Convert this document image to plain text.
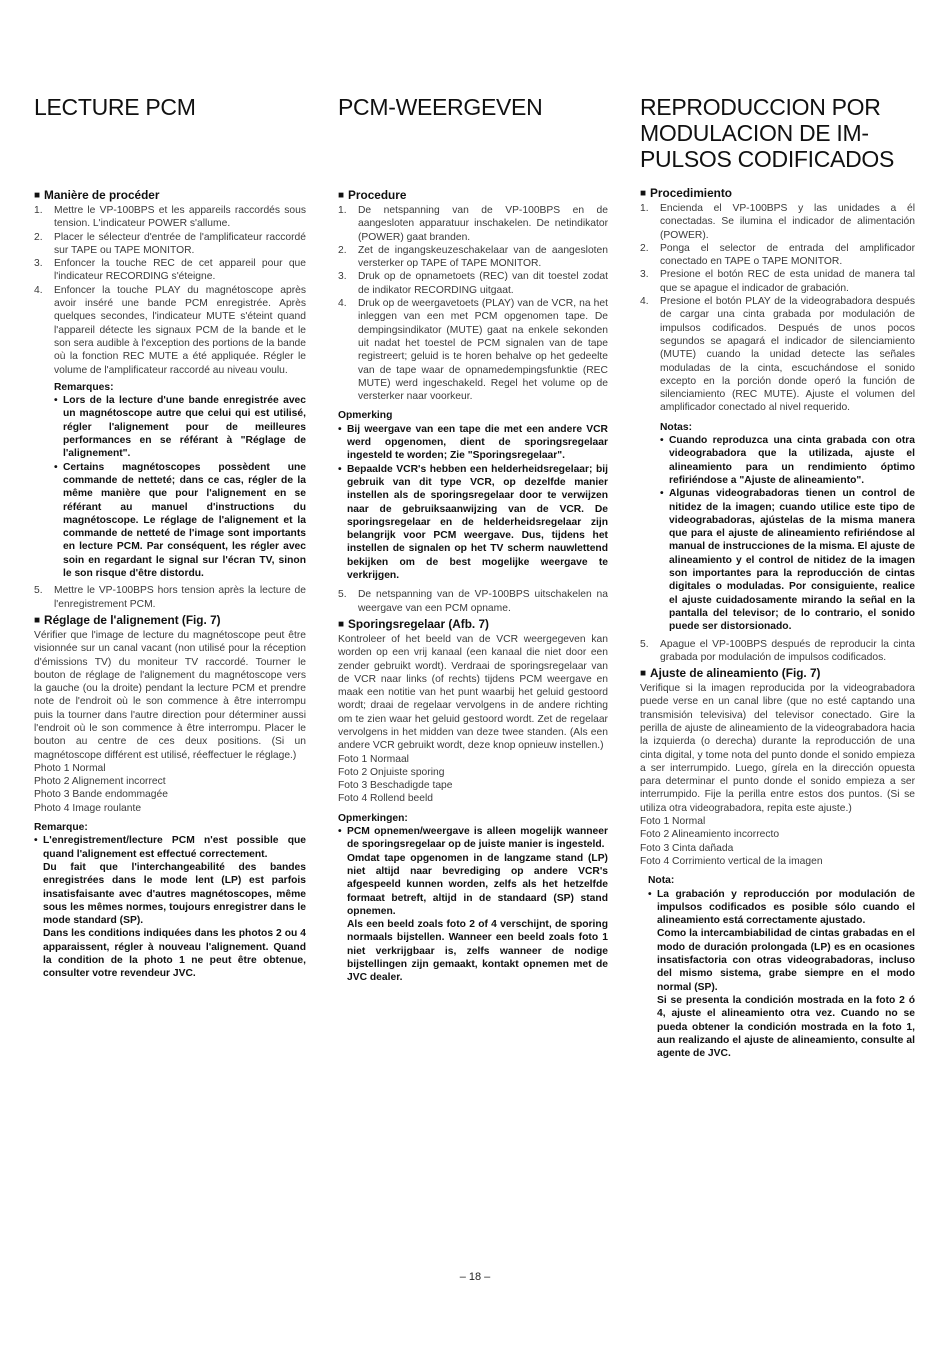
LECTURE PCM
■ Manière de procéder
1. Mettre le VP-100BPS et les appareils raccordés sous tension. L'indicateur POWER s'allume.
2. Placer le sélecteur d'entrée de l'amplificateur raccordé sur TAPE ou TAPE MONITOR.
3. Enfoncer la touche REC de cet appareil pour que l'indicateur RECORDING s'éteigne.
4. Enfoncer la touche PLAY du magnétoscope après avoir inséré une bande PCM enregistrée. Après quelques secondes, l'indicateur MUTE s'éteint quand l'appareil détecte les signaux PCM de la bande et le son sera audible à l'exception des portions de la bande où la fonction REC MUTE a été appliquée. Régler le volume de l'amplificateur raccordé au niveau voulu.
Remarques:
• Lors de la lecture d'une bande enregistrée avec un magnétoscope autre que celui qui est utilisé, régler l'alignement pour de meilleures performances en se référant à "Réglage de l'alignement".
• Certains magnétoscopes possèdent une commande de netteté; dans ce cas, régler de la même manière que pour l'alignement en se référant au manuel d'instructions du magnétoscope. Le réglage de l'alignement et la commande de netteté de l'image sont importants en lecture PCM. Par conséquent, les régler avec soin en regardant le signal sur l'écran TV, sinon le son risque d'être distordu.
5. Mettre le VP-100BPS hors tension après la lecture de l'enregistrement PCM.
■ Réglage de l'alignement (Fig. 7)
Vérifier que l'image de lecture du magnétoscope peut être visionnée sur un canal vacant (non utilisé pour la réception d'émissions TV) du moniteur TV raccordé. Tourner le bouton de réglage de l'alignement du magnétoscope vers la gauche (ou la droite) pendant la lecture PCM et prendre note de l'endroit où le son commence à être interrompu puis la tourner dans l'autre direction pour déterminer aussi l'endroit où le son commence à être interrompu. Placer le bouton au centre de ces deux positions. (Si un magnétoscope différent est utilisé, réeffectuer le réglage.)
Photo 1 Normal
Photo 2 Alignement incorrect
Photo 3 Bande endommagée
Photo 4 Image roulante
Remarque:
• L'enregistrement/lecture PCM n'est possible que quand l'alignement est effectué correctement.
Du fait que l'interchangeabilité des bandes enregistrées dans le mode lent (LP) est parfois insatisfaisante avec d'autres magnétoscopes, même sous les mêmes normes, toujours enregistrer dans le mode standard (SP).
Dans les conditions indiquées dans les photos 2 ou 4 apparaissent, régler à nouveau l'alignement. Quand la condition de la photo 1 ne peut être obtenue, consulter votre revendeur JVC.
PCM-WEERGEVEN
■ Procedure
1. De netspanning van de VP-100BPS en de aangesloten apparatuur inschakelen. De netindikator (POWER) gaat branden.
2. Zet de ingangskeuzeschakelaar van de aangesloten versterker op TAPE of TAPE MONITOR.
3. Druk op de opnametoets (REC) van dit toestel zodat de indikator RECORDING uitgaat.
4. Druk op de weergavetoets (PLAY) van de VCR, na het inleggen van een met PCM opgenomen tape. De dempingsindikator (MUTE) gaat na enkele sekonden uit nadat het toestel de PCM signalen van de tape registreert; geluid is te horen behalve op het gedeelte van de tape waar de opnamedempingsfunktie (REC MUTE) werd ingeschakeld. Regel het volume op de versterker naar voorkeur.
Opmerking
• Bij weergave van een tape die met een andere VCR werd opgenomen, dient de sporingsregelaar ingesteld te worden; Zie "Sporingsregelaar".
• Bepaalde VCR's hebben een helderheidsregelaar; bij gebruik van dit type VCR, op dezelfde manier instellen als de sporingsregelaar door te verwijzen naar de gebruiksaanwijzing van de VCR. De sporingsregelaar en de helderheidsregelaar zijn belangrijk voor PCM weergave. Dus, tijdens het instellen de signalen op het TV scherm nauwlettend bekijken om de best mogelijke weergave te verkrijgen.
5. De netspanning van de VP-100BPS uitschakelen na weergave van een PCM opname.
■ Sporingsregelaar (Afb. 7)
Kontroleer of het beeld van de VCR weergegeven kan worden op een vrij kanaal (een kanaal die niet door een zender gebruikt wordt). Verdraai de sporingsregelaar van de VCR naar links (of rechts) tijdens PCM weergave en maak een notitie van het punt waarbij het geluid gestoord wordt; draai de regelaar vervolgens in de andere richting om te zien waar het geluid gestoord wordt. Zet de regelaar vervolgens in het midden van deze twee standen. (Als een andere VCR gebruikt wordt, deze knop opnieuw instellen.)
Foto 1 Normaal
Foto 2 Onjuiste sporing
Foto 3 Beschadigde tape
Foto 4 Rollend beeld
Opmerkingen:
• PCM opnemen/weergave is alleen mogelijk wanneer de sporingsregelaar op de juiste manier is ingesteld.
Omdat tape opgenomen in de langzame stand (LP) niet altijd naar bevrediging op andere VCR's afgespeeld kunnen worden, zelfs als het hetzelfde formaat betreft, altijd in de standaard (SP) stand opnemen.
Als een beeld zoals foto 2 of 4 verschijnt, de sporing normaals bijstellen. Wanneer een beeld zoals foto 1 niet verkrijgbaar is, zelfs wanneer de nodige bijstellingen zijn gemaakt, kontakt opnemen met de JVC dealer.
REPRODUCCION POR
MODULACION DE IM-
PULSOS CODIFICADOS
■ Procedimiento
1. Encienda el VP-100BPS y las unidades a él conectadas. Se ilumina el indicador de alimentación (POWER).
2. Ponga el selector de entrada del amplificador conectado en TAPE o TAPE MONITOR.
3. Presione el botón REC de esta unidad de manera tal que se apague el indicador de grabación.
4. Presione el botón PLAY de la videograbadora después de cargar una cinta grabada por modulación de impulsos codificados. Después de unos pocos segundos se apagará el indicador de silenciamiento (MUTE) cuando la unidad detecte las señales moduladas de la cinta, escuchándose el sonido excepto en la porción donde operó la función de silenciamiento (REC MUTE). Ajuste el volumen del amplificador conectado al nivel requerido.
Notas:
• Cuando reproduzca una cinta grabada con otra videograbadora que la utilizada, ajuste el alineamiento para un rendimiento óptimo refiriéndose a "Ajuste de alineamiento".
• Algunas videograbadoras tienen un control de nitidez de la imagen; cuando utilice este tipo de videograbadoras, ajústelas de la misma manera que para el ajuste de alineamiento refiriéndose al manual de instrucciones de la misma. El ajuste de alineamiento y el control de nitidez de la imagen son importantes para la reproducción de cintas digitales o moduladas. Por consiguiente, realice el ajuste cuidadosamente mirando la señal en la pantalla del televisor; de lo contrario, el sonido puede ser distorsionado.
5. Apague el VP-100BPS después de reproducir la cinta grabada por modulación de impulsos codificados.
■ Ajuste de alineamiento (Fig. 7)
Verifique si la imagen reproducida por la videograbadora puede verse en un canal libre (que no esté captando una transmisión televisiva) del televisor conectado. Gire la perilla de ajuste de alineamiento de la videograbadora hacia la izquierda (o derecha) durante la reproducción de una cinta digital, y tome nota del punto donde el sonido empieza a ser interrumpido. Luego, gírela en la dirección opuesta para determinar el punto donde el sonido empieza a ser interrumpido. Fije la perilla entre estos dos puntos. (Si se utiliza otra videograbadora, repita este ajuste.)
Foto 1 Normal
Foto 2 Alineamiento incorrecto
Foto 3 Cinta dañada
Foto 4 Corrimiento vertical de la imagen
Nota:
• La grabación y reproducción por modulación de impulsos codificados es posible sólo cuando el alineamiento está correctamente ajustado.
Como la intercambiabilidad de cintas grabadas en el modo de duración prolongada (LP) es en ocasiones insatisfactoria con otras videograbadoras, incluso del mismo sistema, grabe siempre en el modo normal (SP).
Si se presenta la condición mostrada en la foto 2 ó 4, ajuste el alineamiento otra vez. Cuando no se pueda obtener la condición mostrada en la foto 1, aun realizando el ajuste de alineamiento, consulte al agente de JVC.
– 18 –
